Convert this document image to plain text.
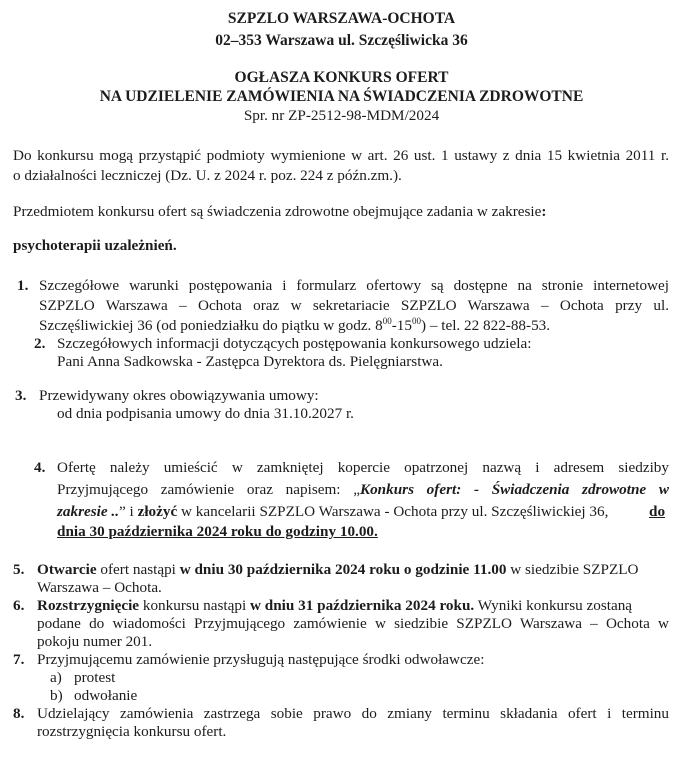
SZPZLO WARSZAWA-OCHOTA
02–353 Warszawa ul. Szczęśliwicka 36
OGŁASZA KONKURS OFERT
NA UDZIELENIE ZAMÓWIENIA NA ŚWIADCZENIA ZDROWOTNE
Spr. nr ZP-2512-98-MDM/2024
Do konkursu mogą przystąpić podmioty wymienione w art. 26 ust. 1 ustawy z dnia 15 kwietnia 2011 r.
o działalności leczniczej (Dz. U. z 2024 r. poz. 224 z późn.zm.).
Przedmiotem konkursu ofert są świadczenia zdrowotne obejmujące zadania w zakresie:
psychoterapii uzależnień.
1. Szczegółowe warunki postępowania i formularz ofertowy są dostępne na stronie internetowej
SZPZLO Warszawa – Ochota oraz w sekretariacie SZPZLO Warszawa – Ochota przy ul.
Szczęśliwickiej 36 (od poniedziałku do piątku w godz. $8^{00}-15^{00}$) – tel. 22 822-88-53.
2. Szczegółowych informacji dotyczących postępowania konkursowego udziela:
Pani Anna Sadkowska - Zastępca Dyrektora ds. Pielęgniarstwa.
3. Przewidywany okres obowiązywania umowy:
od dnia podpisania umowy do dnia 31.10.2027 r.
4. Ofertę należy umieścić w zamkniętej kopercie opatrzonej nazwą i adresem siedziby
Przyjmującego zamówienie oraz napisem: „Konkurs ofert: - Świadczenia zdrowotne w
zakresie ..” i złożyć w kancelarii SZPZLO Warszawa - Ochota przy ul. Szczęśliwickiej 36,	do
dnia 30 października 2024 roku do godziny 10.00.
5. Otwarcie ofert nastąpi w dniu 30 października 2024 roku o godzinie 11.00 w siedzibie SZPZLO
Warszawa – Ochota.
6. Rozstrzygnięcie konkursu nastąpi w dniu 31 października 2024 roku. Wyniki konkursu zostaną
podane do wiadomości Przyjmującego zamówienie w siedzibie SZPZLO Warszawa – Ochota w
pokoju numer 201.
7. Przyjmującemu zamówienie przysługują następujące środki odwoławcze:
a) protest
b) odwołanie
8. Udzielający zamówienia zastrzega sobie prawo do zmiany terminu składania ofert i terminu
rozstrzygnięcia konkursu ofert.
